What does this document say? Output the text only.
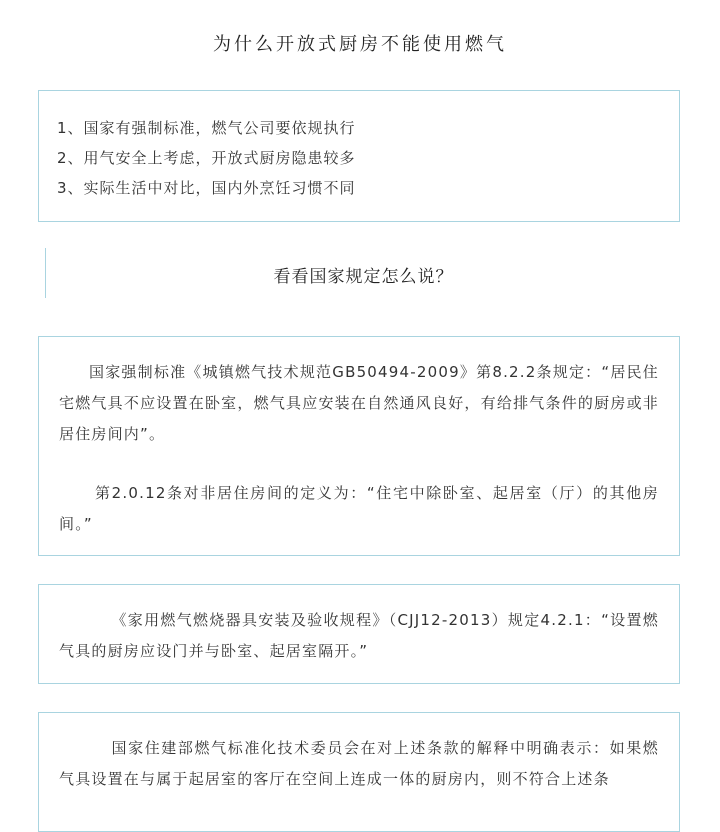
为什么开放式厨房不能使用燃气
1、国家有强制标准，燃气公司要依规执行
2、用气安全上考虑，开放式厨房隐患较多
3、实际生活中对比，国内外烹饪习惯不同
看看国家规定怎么说？

国家强制标准《城镇燃气技术规范GB50494-2009》第8.2.2条规定：“居民住宅燃气具不应设置在卧室，燃气具应安装在自然通风良好，有给排气条件的厨房或非居住房间内”。

第2.0.12条对非居住房间的定义为：“住宅中除卧室、起居室（厅）的其他房间。”

《家用燃气燃烧器具安装及验收规程》（CJJ12-2013）规定4.2.1：“设置燃气具的厨房应设门并与卧室、起居室隔开。”

国家住建部燃气标准化技术委员会在对上述条款的解释中明确表示：如果燃气具设置在与属于起居室的客厅在空间上连成一体的厨房内，则不符合上述条
